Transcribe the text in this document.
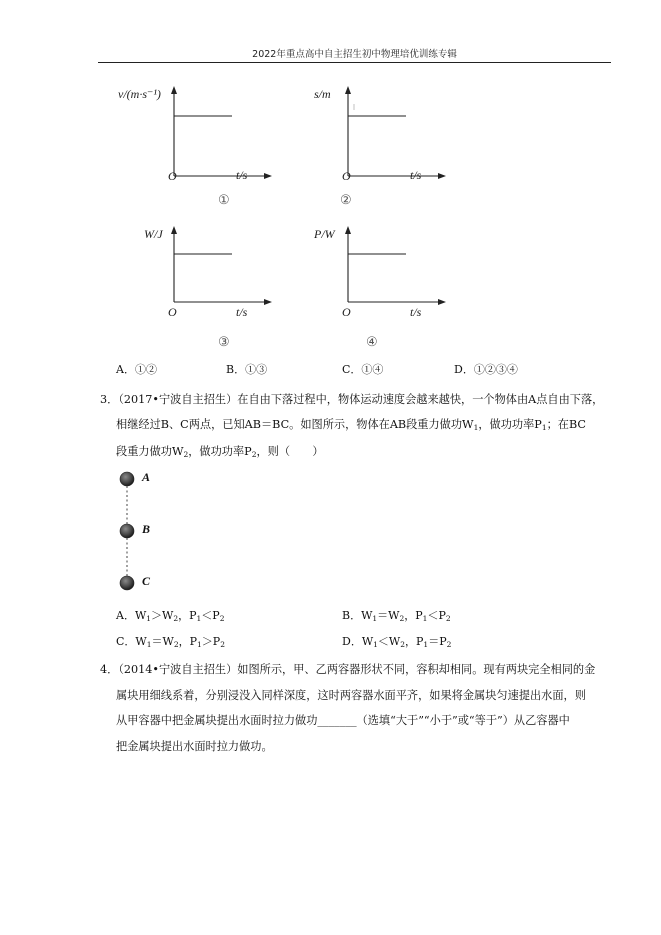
2022年重点高中自主招生初中物理培优训练专辑
v/(m·s⁻¹)
O	t/s
①
s/m
O	t/s
②
W/J
O	t/s
③
P/W
O	t/s
④
A．①②	B．①③	C．①④	D．①②③④
3．（2017•宁波自主招生）在自由下落过程中，物体运动速度会越来越快，一个物体由A点自由下落，
相继经过B、C两点，已知AB＝BC。如图所示，物体在AB段重力做功$W_1$，做功功率$P_1$；在BC
段重力做功$W_2$，做功功率$P_2$，则（　　）
A
B
C
A．$W_1>W_2$，$P_1<P_2$	B．$W_1=W_2$，$P_1<P_2$
C．$W_1=W_2$，$P_1>P_2$	D．$W_1<W_2$，$P_1=P_2$
4．（2014•宁波自主招生）如图所示，甲、乙两容器形状不同，容积却相同。现有两块完全相同的金
属块用细线系着，分别浸没入同样深度，这时两容器水面平齐，如果将金属块匀速提出水面，则
从甲容器中把金属块提出水面时拉力做功_______（选填“大于”“小于”或“等于”）从乙容器中
把金属块提出水面时拉力做功。
